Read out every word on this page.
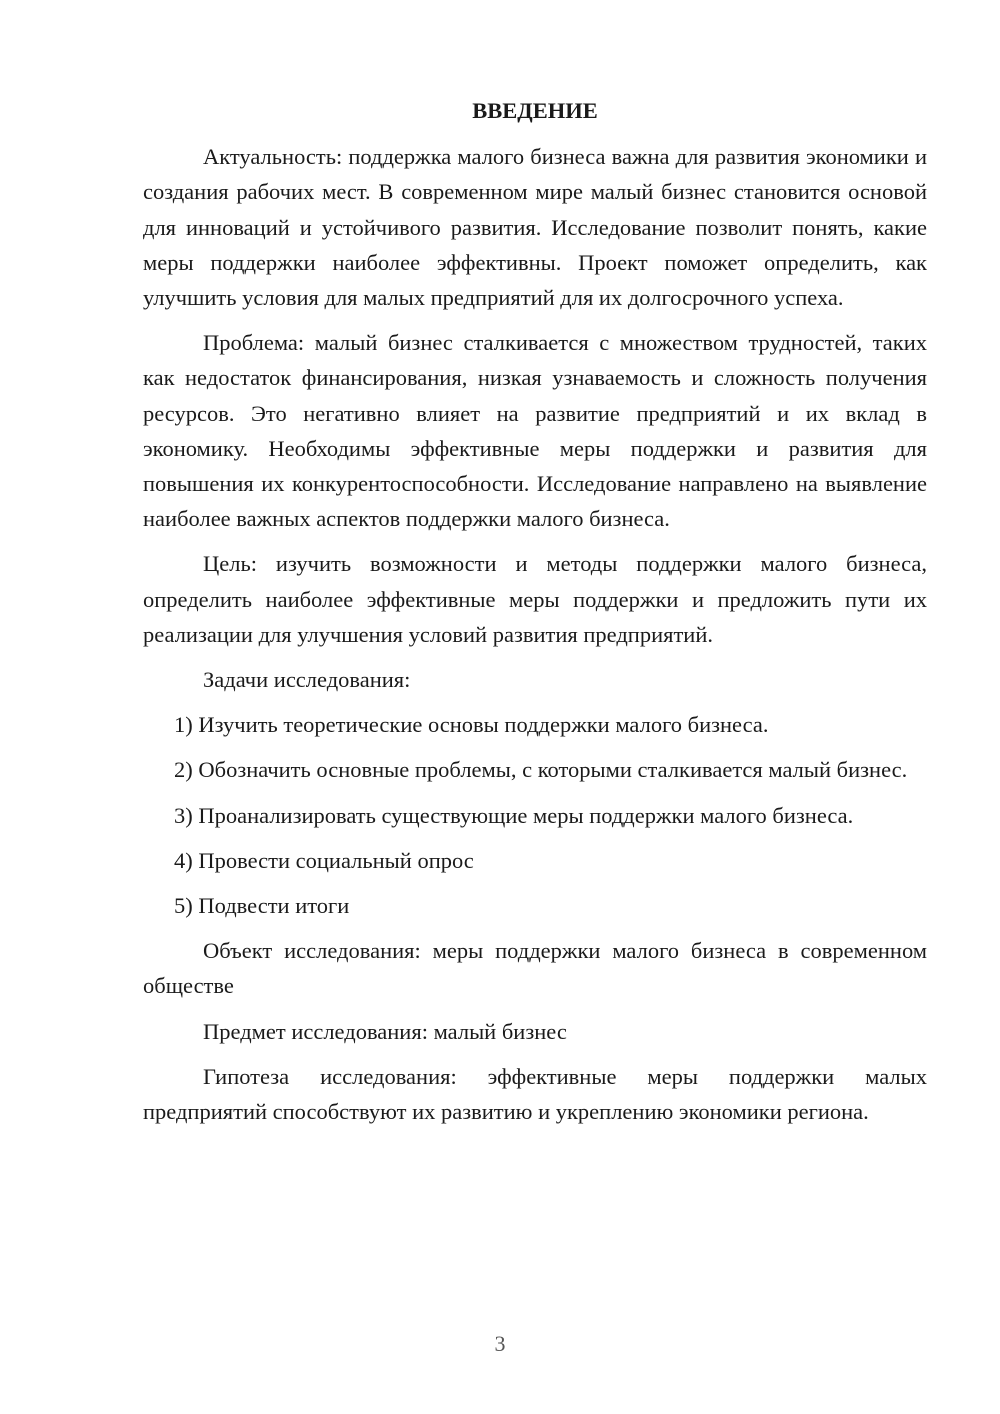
ВВЕДЕНИЕ

Актуальность: поддержка малого бизнеса важна для развития экономики и создания рабочих мест. В современном мире малый бизнес становится основой для инноваций и устойчивого развития. Исследование позволит понять, какие меры поддержки наиболее эффективны. Проект поможет определить, как улучшить условия для малых предприятий для их долгосрочного успеха.

Проблема: малый бизнес сталкивается с множеством трудностей, таких как недостаток финансирования, низкая узнаваемость и сложность получения ресурсов. Это негативно влияет на развитие предприятий и их вклад в экономику. Необходимы эффективные меры поддержки и развития для повышения их конкурентоспособности. Исследование направлено на выявление наиболее важных аспектов поддержки малого бизнеса.

Цель: изучить возможности и методы поддержки малого бизнеса, определить наиболее эффективные меры поддержки и предложить пути их реализации для улучшения условий развития предприятий.

Задачи исследования:

1) Изучить теоретические основы поддержки малого бизнеса.

2) Обозначить основные проблемы, с которыми сталкивается малый бизнес.

3) Проанализировать существующие меры поддержки малого бизнеса.

4) Провести социальный опрос

5) Подвести итоги

Объект исследования: меры поддержки малого бизнеса в современном обществе

Предмет исследования: малый бизнес

Гипотеза исследования: эффективные меры поддержки малых предприятий способствуют их развитию и укреплению экономики региона.

3
